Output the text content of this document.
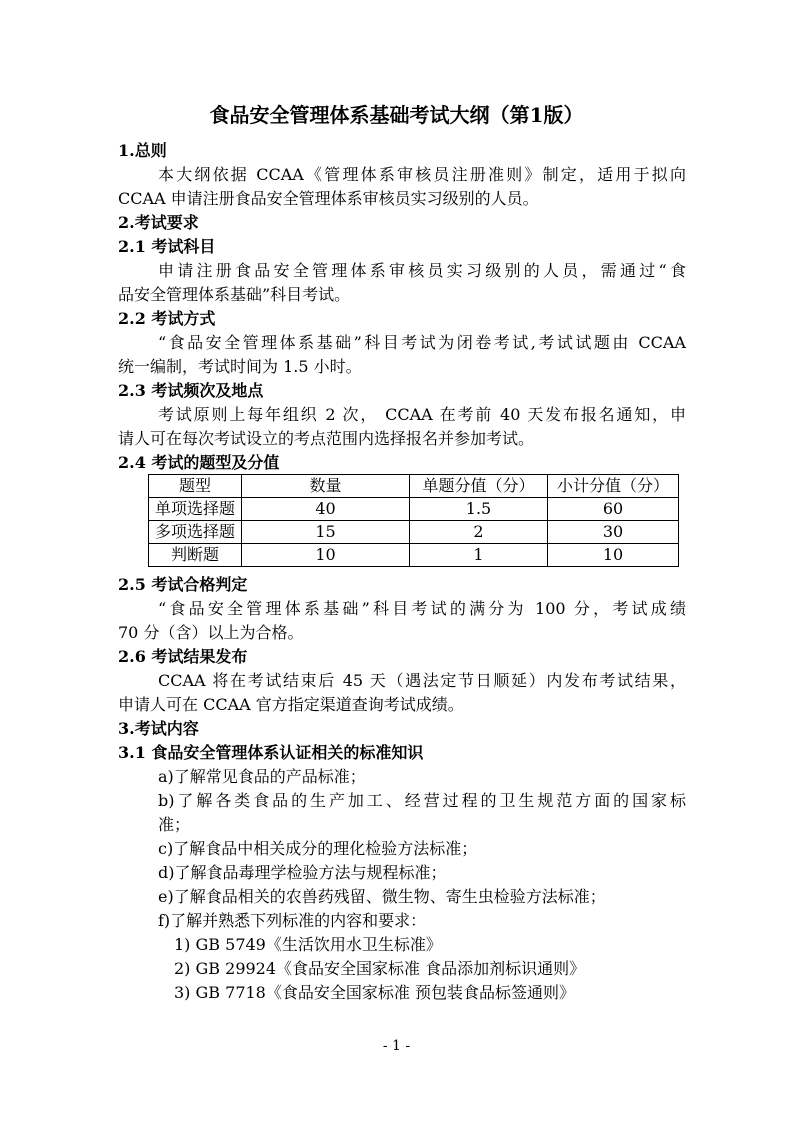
食品安全管理体系基础考试大纲（第1版）
1.总则
本大纲依据 CCAA《管理体系审核员注册准则》制定，适用于拟向
CCAA 申请注册食品安全管理体系审核员实习级别的人员。
2.考试要求
2.1 考试科目
申请注册食品安全管理体系审核员实习级别的人员，需通过“食
品安全管理体系基础”科目考试。
2.2 考试方式
“食品安全管理体系基础”科目考试为闭卷考试,考试试题由 CCAA
统一编制，考试时间为 1.5 小时。
2.3 考试频次及地点
考试原则上每年组织 2 次， CCAA 在考前 40 天发布报名通知，申
请人可在每次考试设立的考点范围内选择报名并参加考试。
2.4 考试的题型及分值
题型	数量	单题分值（分）	小计分值（分）
单项选择题	40	1.5	60
多项选择题	15	2	30
判断题	10	1	10
2.5 考试合格判定
“食品安全管理体系基础”科目考试的满分为 100 分，考试成绩
70 分（含）以上为合格。
2.6 考试结果发布
CCAA 将在考试结束后 45 天（遇法定节日顺延）内发布考试结果，
申请人可在 CCAA 官方指定渠道查询考试成绩。
3.考试内容
3.1 食品安全管理体系认证相关的标准知识
a)了解常见食品的产品标准；
b)了解各类食品的生产加工、经营过程的卫生规范方面的国家标
准；
c)了解食品中相关成分的理化检验方法标准；
d)了解食品毒理学检验方法与规程标准；
e)了解食品相关的农兽药残留、微生物、寄生虫检验方法标准；
f)了解并熟悉下列标准的内容和要求：
1) GB 5749《生活饮用水卫生标准》
2) GB 29924《食品安全国家标准 食品添加剂标识通则》
3) GB 7718《食品安全国家标准 预包装食品标签通则》
- 1 -
